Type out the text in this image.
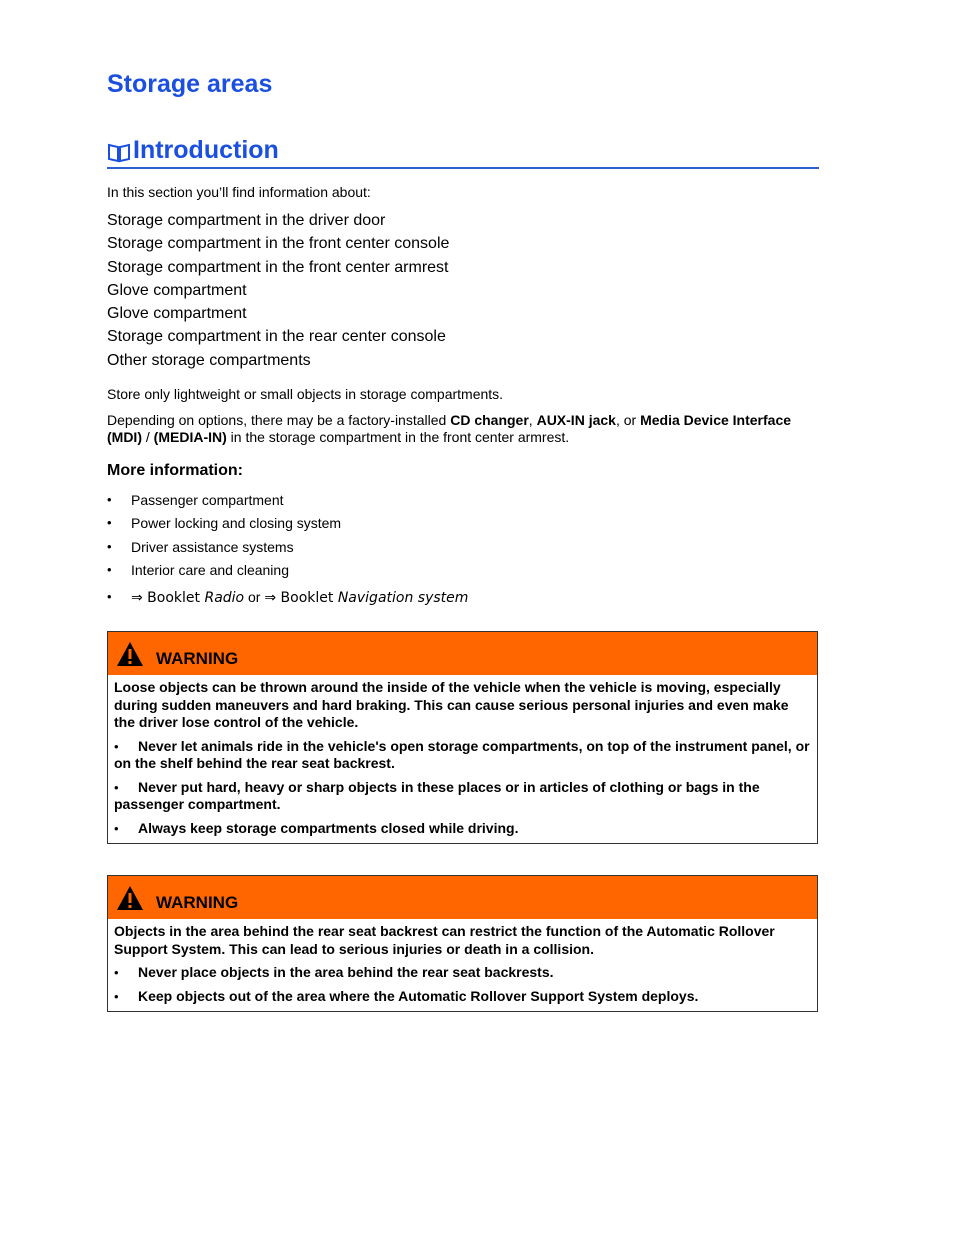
Storage areas
Introduction
In this section you’ll find information about:
Storage compartment in the driver door
Storage compartment in the front center console
Storage compartment in the front center armrest
Glove compartment
Glove compartment
Storage compartment in the rear center console
Other storage compartments
Store only lightweight or small objects in storage compartments.
Depending on options, there may be a factory-installed CD changer, AUX-IN jack, or Media Device Interface (MDI) / (MEDIA-IN) in the storage compartment in the front center armrest.
More information:
•	Passenger compartment
•	Power locking and closing system
•	Driver assistance systems
•	Interior care and cleaning
•	⇒ Booklet Radio or ⇒ Booklet Navigation system
WARNING

Loose objects can be thrown around the inside of the vehicle when the vehicle is moving, especially during sudden maneuvers and hard braking. This can cause serious personal injuries and even make the driver lose control of the vehicle.

• Never let animals ride in the vehicle's open storage compartments, on top of the instrument panel, or on the shelf behind the rear seat backrest.
• Never put hard, heavy or sharp objects in these places or in articles of clothing or bags in the passenger compartment.
•	Always keep storage compartments closed while driving.
WARNING

Objects in the area behind the rear seat backrest can restrict the function of the Automatic Rollover Support System. This can lead to serious injuries or death in a collision.

•	Never place objects in the area behind the rear seat backrests.
•	Keep objects out of the area where the Automatic Rollover Support System deploys.
